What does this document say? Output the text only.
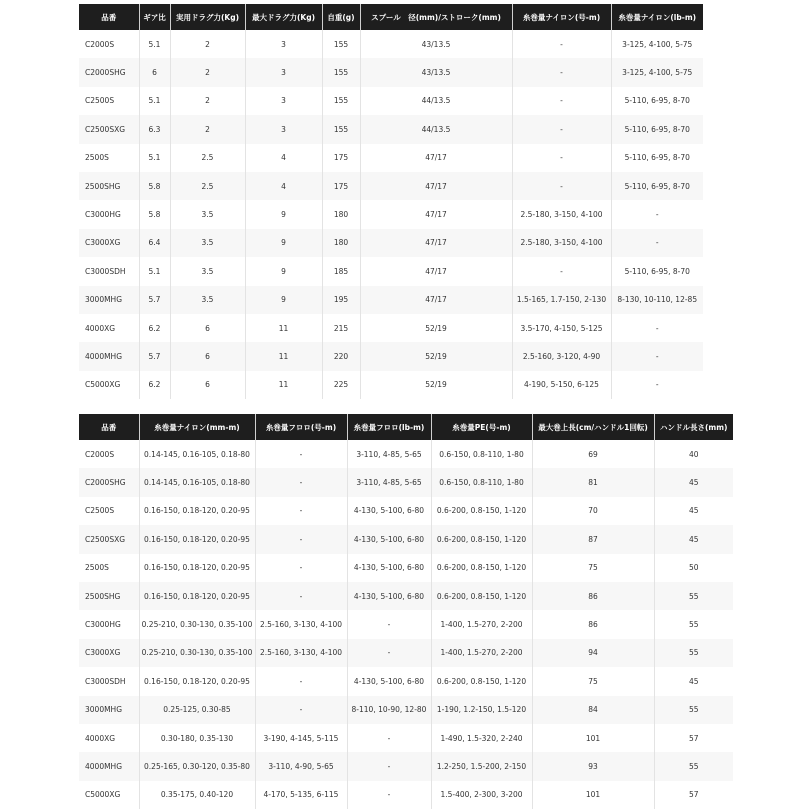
品番	ギア比	実用ドラグ力(Kg)	最大ドラグ力(Kg)	自重(g)	スプール　径(mm)/ストローク(mm)	糸巻量ナイロン(号-m)	糸巻量ナイロン(lb-m)
C2000S	5.1	2	3	155	43/13.5	-	3-125, 4-100, 5-75
C2000SHG	6	2	3	155	43/13.5	-	3-125, 4-100, 5-75
C2500S	5.1	2	3	155	44/13.5	-	5-110, 6-95, 8-70
C2500SXG	6.3	2	3	155	44/13.5	-	5-110, 6-95, 8-70
2500S	5.1	2.5	4	175	47/17	-	5-110, 6-95, 8-70
2500SHG	5.8	2.5	4	175	47/17	-	5-110, 6-95, 8-70
C3000HG	5.8	3.5	9	180	47/17	2.5-180, 3-150, 4-100	-
C3000XG	6.4	3.5	9	180	47/17	2.5-180, 3-150, 4-100	-
C3000SDH	5.1	3.5	9	185	47/17	-	5-110, 6-95, 8-70
3000MHG	5.7	3.5	9	195	47/17	1.5-165, 1.7-150, 2-130	8-130, 10-110, 12-85
4000XG	6.2	6	11	215	52/19	3.5-170, 4-150, 5-125	-
4000MHG	5.7	6	11	220	52/19	2.5-160, 3-120, 4-90	-
C5000XG	6.2	6	11	225	52/19	4-190, 5-150, 6-125	-
品番	糸巻量ナイロン(mm-m)	糸巻量フロロ(号-m)	糸巻量フロロ(lb-m)	糸巻量PE(号-m)	最大巻上長(cm/ハンドル1回転)	ハンドル長さ(mm)
C2000S	0.14-145, 0.16-105, 0.18-80	-	3-110, 4-85, 5-65	0.6-150, 0.8-110, 1-80	69	40
C2000SHG	0.14-145, 0.16-105, 0.18-80	-	3-110, 4-85, 5-65	0.6-150, 0.8-110, 1-80	81	45
C2500S	0.16-150, 0.18-120, 0.20-95	-	4-130, 5-100, 6-80	0.6-200, 0.8-150, 1-120	70	45
C2500SXG	0.16-150, 0.18-120, 0.20-95	-	4-130, 5-100, 6-80	0.6-200, 0.8-150, 1-120	87	45
2500S	0.16-150, 0.18-120, 0.20-95	-	4-130, 5-100, 6-80	0.6-200, 0.8-150, 1-120	75	50
2500SHG	0.16-150, 0.18-120, 0.20-95	-	4-130, 5-100, 6-80	0.6-200, 0.8-150, 1-120	86	55
C3000HG	0.25-210, 0.30-130, 0.35-100	2.5-160, 3-130, 4-100	-	1-400, 1.5-270, 2-200	86	55
C3000XG	0.25-210, 0.30-130, 0.35-100	2.5-160, 3-130, 4-100	-	1-400, 1.5-270, 2-200	94	55
C3000SDH	0.16-150, 0.18-120, 0.20-95	-	4-130, 5-100, 6-80	0.6-200, 0.8-150, 1-120	75	45
3000MHG	0.25-125, 0.30-85	-	8-110, 10-90, 12-80	1-190, 1.2-150, 1.5-120	84	55
4000XG	0.30-180, 0.35-130	3-190, 4-145, 5-115	-	1-490, 1.5-320, 2-240	101	57
4000MHG	0.25-165, 0.30-120, 0.35-80	3-110, 4-90, 5-65	-	1.2-250, 1.5-200, 2-150	93	55
C5000XG	0.35-175, 0.40-120	4-170, 5-135, 6-115	-	1.5-400, 2-300, 3-200	101	57
